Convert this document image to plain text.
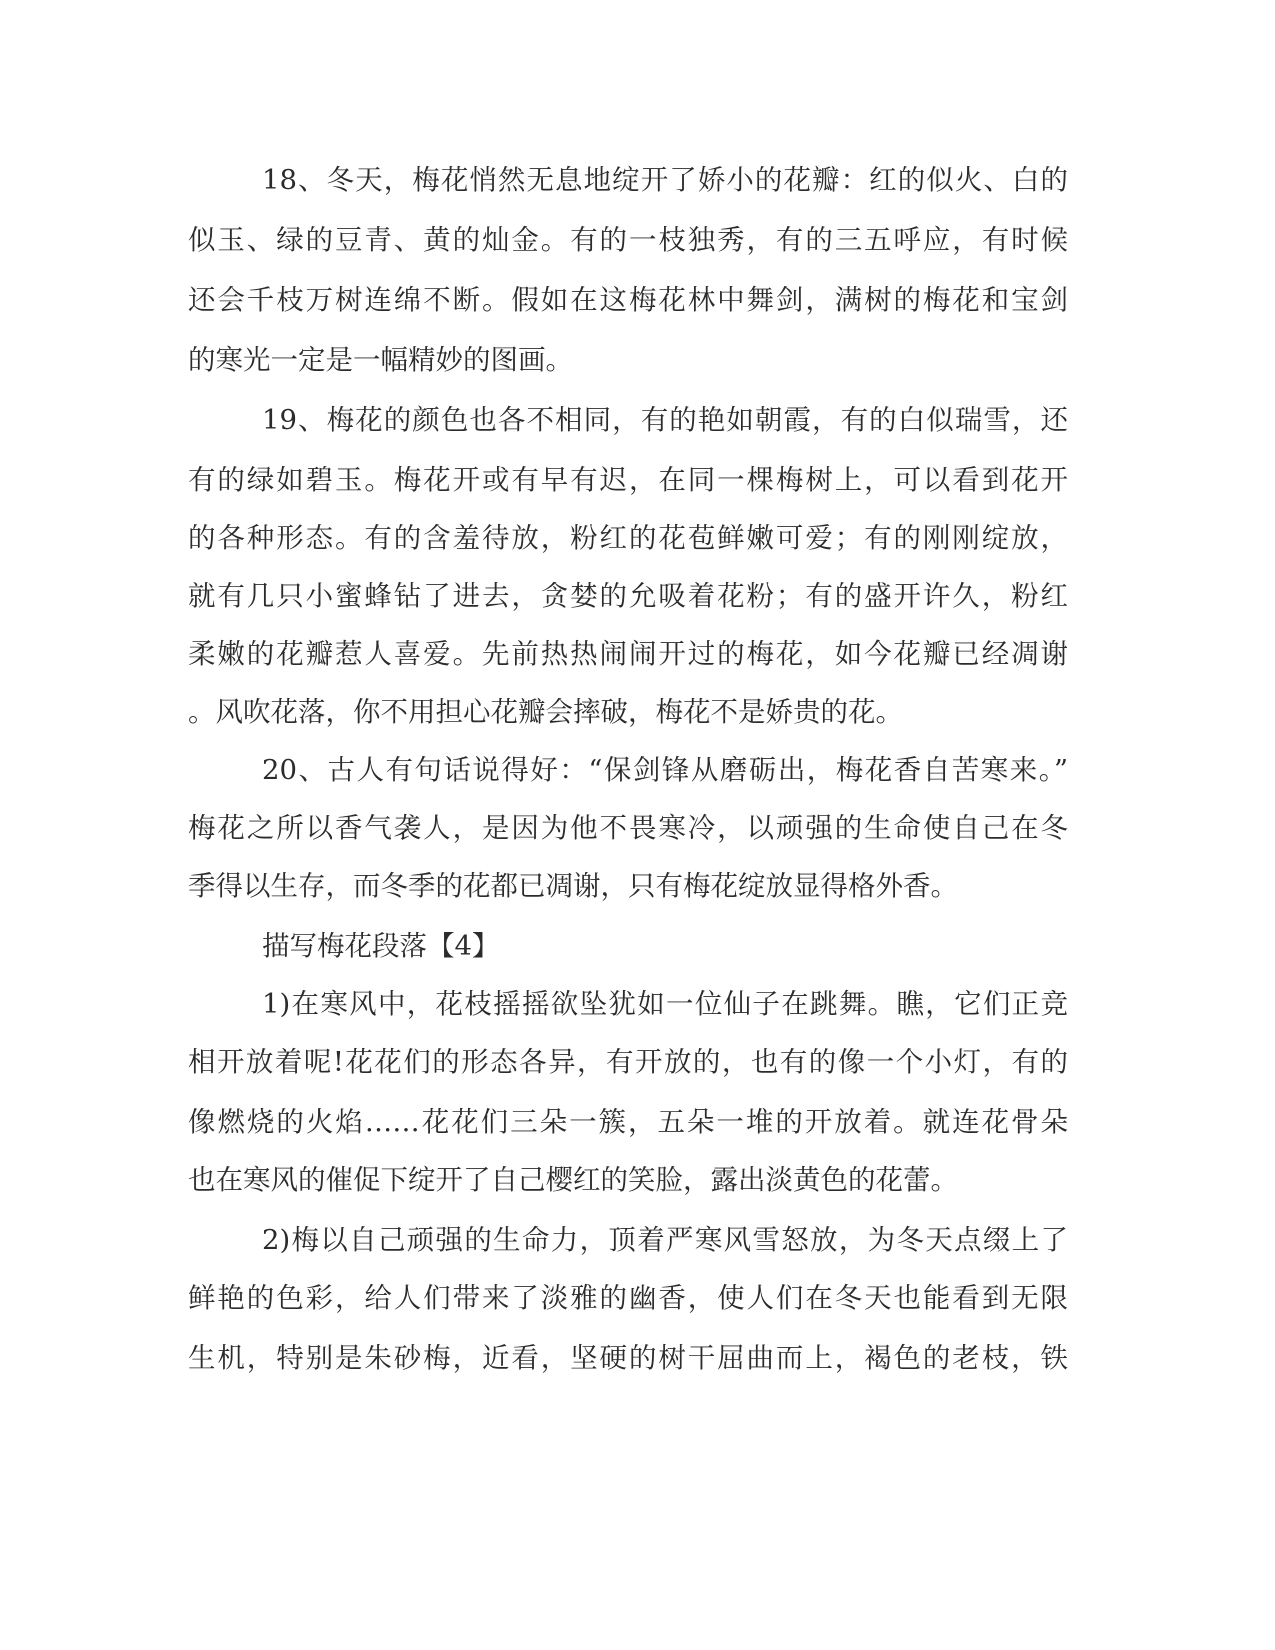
18、冬天，梅花悄然无息地绽开了娇小的花瓣：红的似火、白的

似玉、绿的豆青、黄的灿金。有的一枝独秀，有的三五呼应，有时候

还会千枝万树连绵不断。假如在这梅花林中舞剑，满树的梅花和宝剑

的寒光一定是一幅精妙的图画。

19、梅花的颜色也各不相同，有的艳如朝霞，有的白似瑞雪，还

有的绿如碧玉。梅花开或有早有迟，在同一棵梅树上，可以看到花开

的各种形态。有的含羞待放，粉红的花苞鲜嫩可爱；有的刚刚绽放，

就有几只小蜜蜂钻了进去，贪婪的允吸着花粉；有的盛开许久，粉红

柔嫩的花瓣惹人喜爱。先前热热闹闹开过的梅花，如今花瓣已经凋谢

。风吹花落，你不用担心花瓣会摔破，梅花不是娇贵的花。

20、古人有句话说得好：“保剑锋从磨砺出，梅花香自苦寒来。”

梅花之所以香气袭人，是因为他不畏寒冷，以顽强的生命使自己在冬

季得以生存，而冬季的花都已凋谢，只有梅花绽放显得格外香。

描写梅花段落【4】

1)在寒风中，花枝摇摇欲坠犹如一位仙子在跳舞。瞧，它们正竞

相开放着呢!花花们的形态各异，有开放的，也有的像一个小灯，有的

像燃烧的火焰……花花们三朵一簇，五朵一堆的开放着。就连花骨朵

也在寒风的催促下绽开了自己樱红的笑脸，露出淡黄色的花蕾。

2)梅以自己顽强的生命力，顶着严寒风雪怒放，为冬天点缀上了

鲜艳的色彩，给人们带来了淡雅的幽香，使人们在冬天也能看到无限

生机，特别是朱砂梅，近看，坚硬的树干屈曲而上，褐色的老枝，铁
